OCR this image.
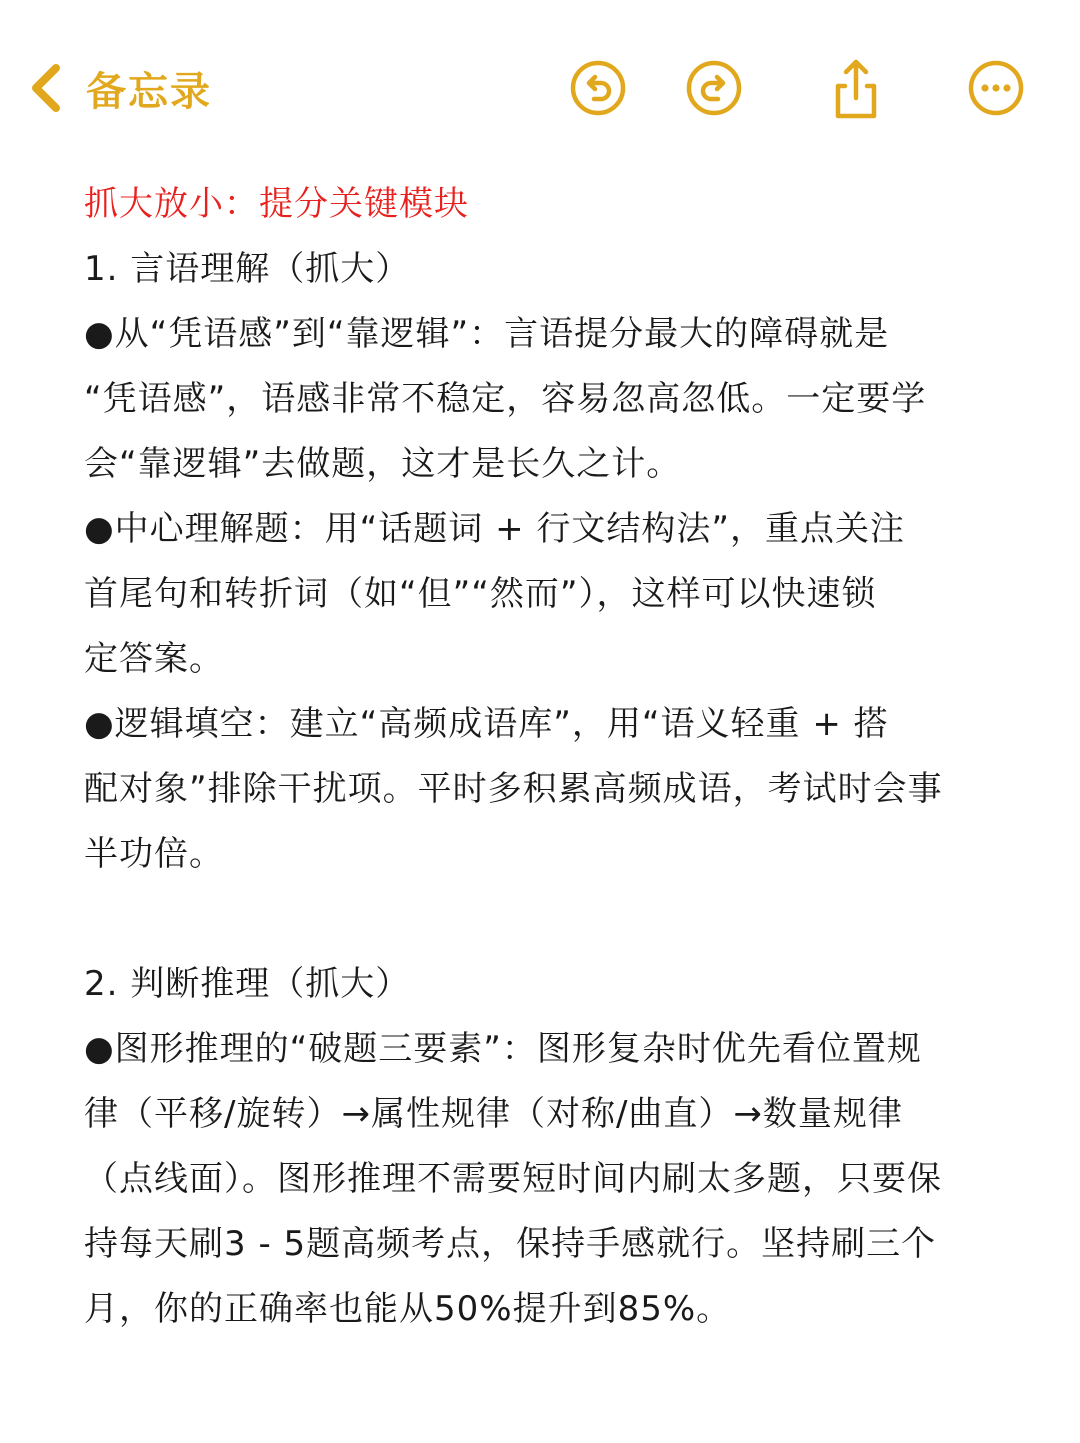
备忘录
抓大放小：提分关键模块
1. 言语理解（抓大）
●从“凭语感”到“靠逻辑”：言语提分最大的障碍就是
“凭语感”，语感非常不稳定，容易忽高忽低。一定要学
会“靠逻辑”去做题，这才是长久之计。
●中心理解题：用“话题词 + 行文结构法”，重点关注
首尾句和转折词（如“但”“然而”），这样可以快速锁
定答案。
●逻辑填空：建立“高频成语库”，用“语义轻重 + 搭
配对象”排除干扰项。平时多积累高频成语，考试时会事
半功倍。
2. 判断推理（抓大）
●图形推理的“破题三要素”：图形复杂时优先看位置规
律（平移/旋转）→属性规律（对称/曲直）→数量规律
（点线面）。图形推理不需要短时间内刷太多题，只要保
持每天刷3 - 5题高频考点，保持手感就行。坚持刷三个
月，你的正确率也能从50%提升到85%。
